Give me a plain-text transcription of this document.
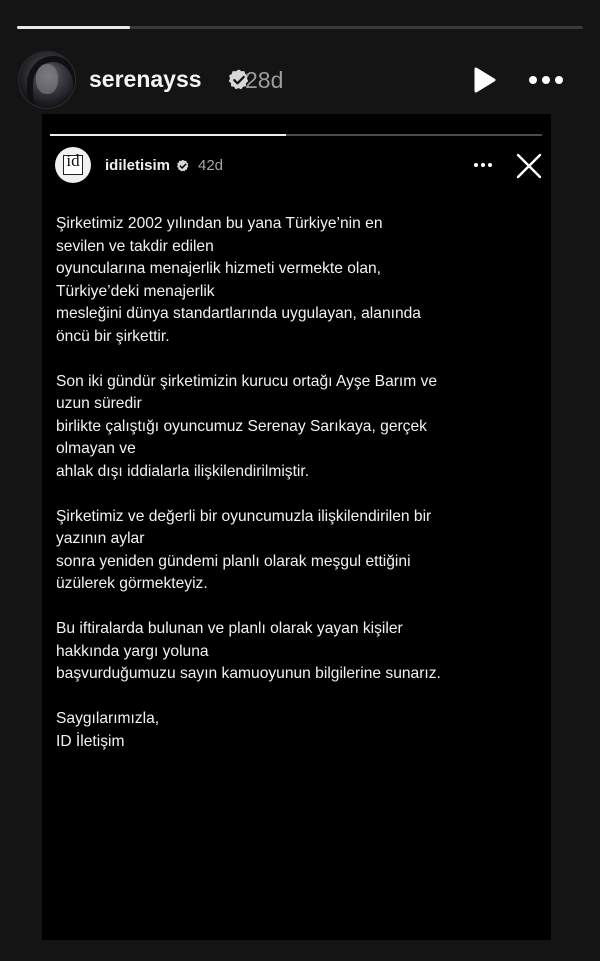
serenayss 28d
id idiletisim 42d
Şirketimiz 2002 yılından bu yana Türkiye’nin en
sevilen ve takdir edilen
oyuncularına menajerlik hizmeti vermekte olan,
Türkiye’deki menajerlik
mesleğini dünya standartlarında uygulayan, alanında
öncü bir şirkettir.
Son iki gündür şirketimizin kurucu ortağı Ayşe Barım ve
uzun süredir
birlikte çalıştığı oyuncumuz Serenay Sarıkaya, gerçek
olmayan ve
ahlak dışı iddialarla ilişkilendirilmiştir.
Şirketimiz ve değerli bir oyuncumuzla ilişkilendirilen bir
yazının aylar
sonra yeniden gündemi planlı olarak meşgul ettiğini
üzülerek görmekteyiz.
Bu iftiralarda bulunan ve planlı olarak yayan kişiler
hakkında yargı yoluna
başvurduğumuzu sayın kamuoyunun bilgilerine sunarız.
Saygılarımızla,
ID İletişim
